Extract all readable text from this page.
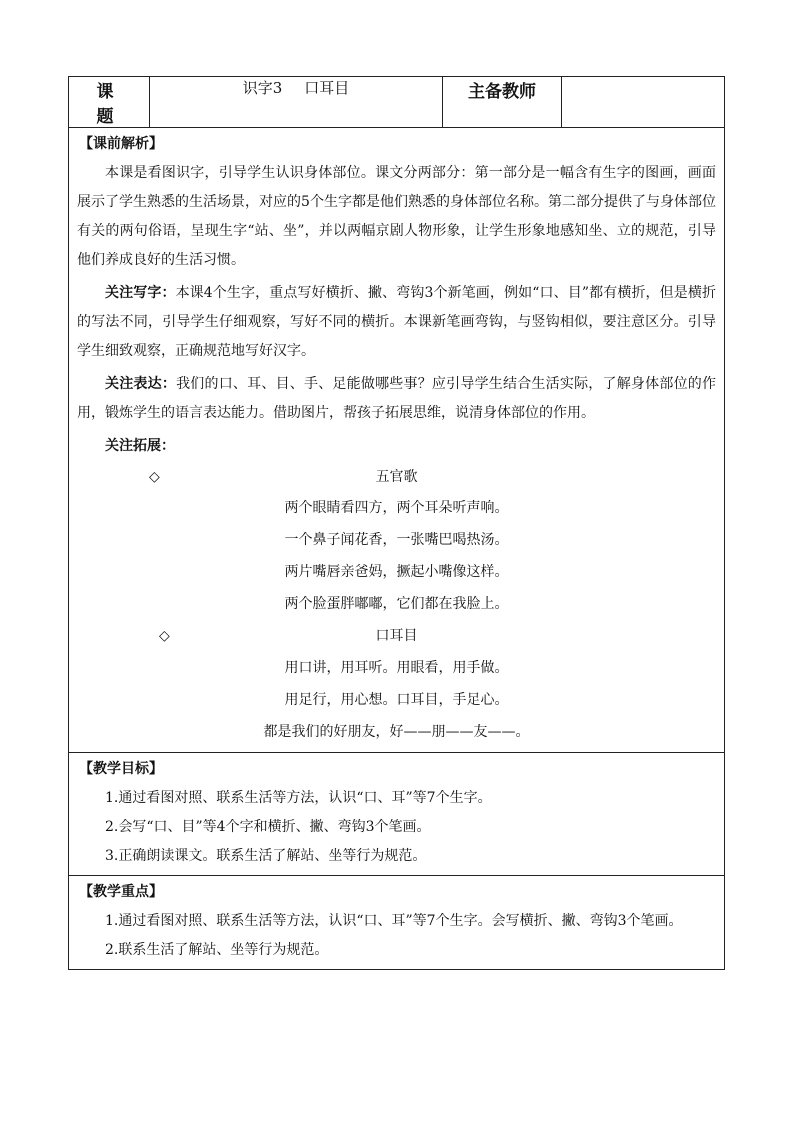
课 题	识字3 口耳目	主备教师	

【课前解析】
本课是看图识字，引导学生认识身体部位。课文分两部分：第一部分是一幅含有生字的图画，画面展示了学生熟悉的生活场景，对应的5个生字都是他们熟悉的身体部位名称。第二部分提供了与身体部位有关的两句俗语，呈现生字“站、坐”，并以两幅京剧人物形象，让学生形象地感知坐、立的规范，引导他们养成良好的生活习惯。
关注写字：本课4个生字，重点写好横折、撇、弯钩3个新笔画，例如“口、目”都有横折，但是横折的写法不同，引导学生仔细观察，写好不同的横折。本课新笔画弯钩，与竖钩相似，要注意区分。引导学生细致观察，正确规范地写好汉字。
关注表达：我们的口、耳、目、手、足能做哪些事？应引导学生结合生活实际，了解身体部位的作用，锻炼学生的语言表达能力。借助图片，帮孩子拓展思维，说清身体部位的作用。
关注拓展：
◇	五官歌

两个眼睛看四方，两个耳朵听声响。

一个鼻子闻花香，一张嘴巴喝热汤。

两片嘴唇亲爸妈，撅起小嘴像这样。

两个脸蛋胖嘟嘟，它们都在我脸上。

◇	口耳目

用口讲，用耳听。用眼看，用手做。

用足行，用心想。口耳目，手足心。

都是我们的好朋友，好——朋——友——。

【教学目标】
1.通过看图对照、联系生活等方法，认识“口、耳”等7个生字。
2.会写“口、目”等4个字和横折、撇、弯钩3个笔画。
3.正确朗读课文。联系生活了解站、坐等行为规范。

【教学重点】
1.通过看图对照、联系生活等方法，认识“口、耳”等7个生字。会写横折、撇、弯钩3个笔画。
2.联系生活了解站、坐等行为规范。
